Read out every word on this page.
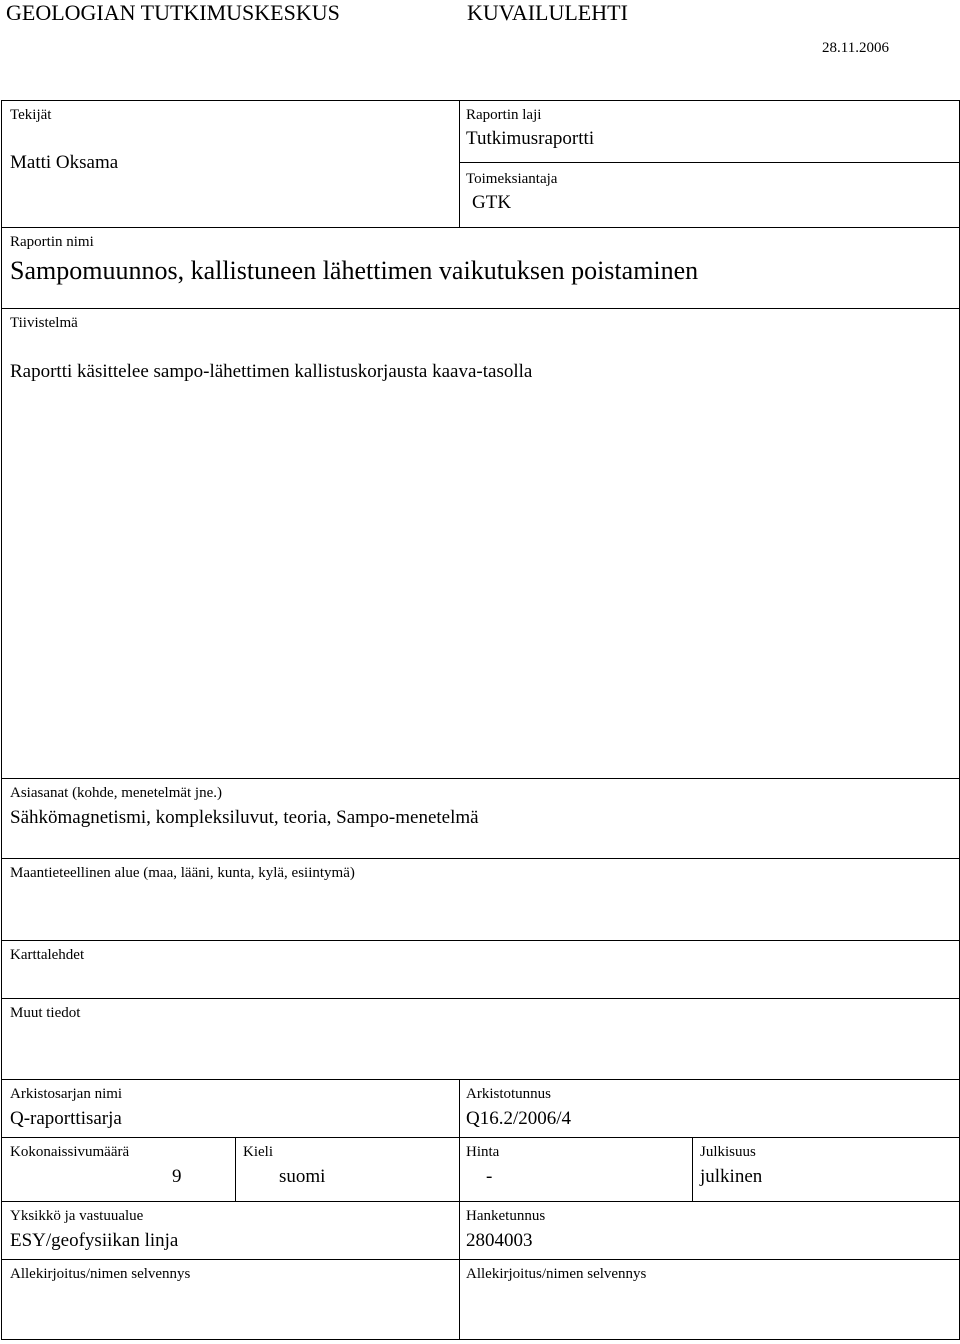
GEOLOGIAN TUTKIMUSKESKUS	KUVAILULEHTI
28.11.2006
Tekijät
Matti Oksama
Raportin laji
Tutkimusraportti
Toimeksiantaja
GTK
Raportin nimi
Sampomuunnos, kallistuneen lähettimen vaikutuksen poistaminen
Tiivistelmä
Raportti käsittelee sampo-lähettimen kallistuskorjausta kaava-tasolla
Asiasanat (kohde, menetelmät jne.)
Sähkömagnetismi, kompleksiluvut, teoria, Sampo-menetelmä
Maantieteellinen alue (maa, lääni, kunta, kylä, esiintymä)
Karttalehdet
Muut tiedot
Arkistosarjan nimi
Q-raporttisarja
Arkistotunnus
Q16.2/2006/4
Kokonaissivumäärä
9
Kieli
suomi
Hinta
-
Julkisuus
julkinen
Yksikkö ja vastuualue
ESY/geofysiikan linja
Hanketunnus
2804003
Allekirjoitus/nimen selvennys	Allekirjoitus/nimen selvennys
